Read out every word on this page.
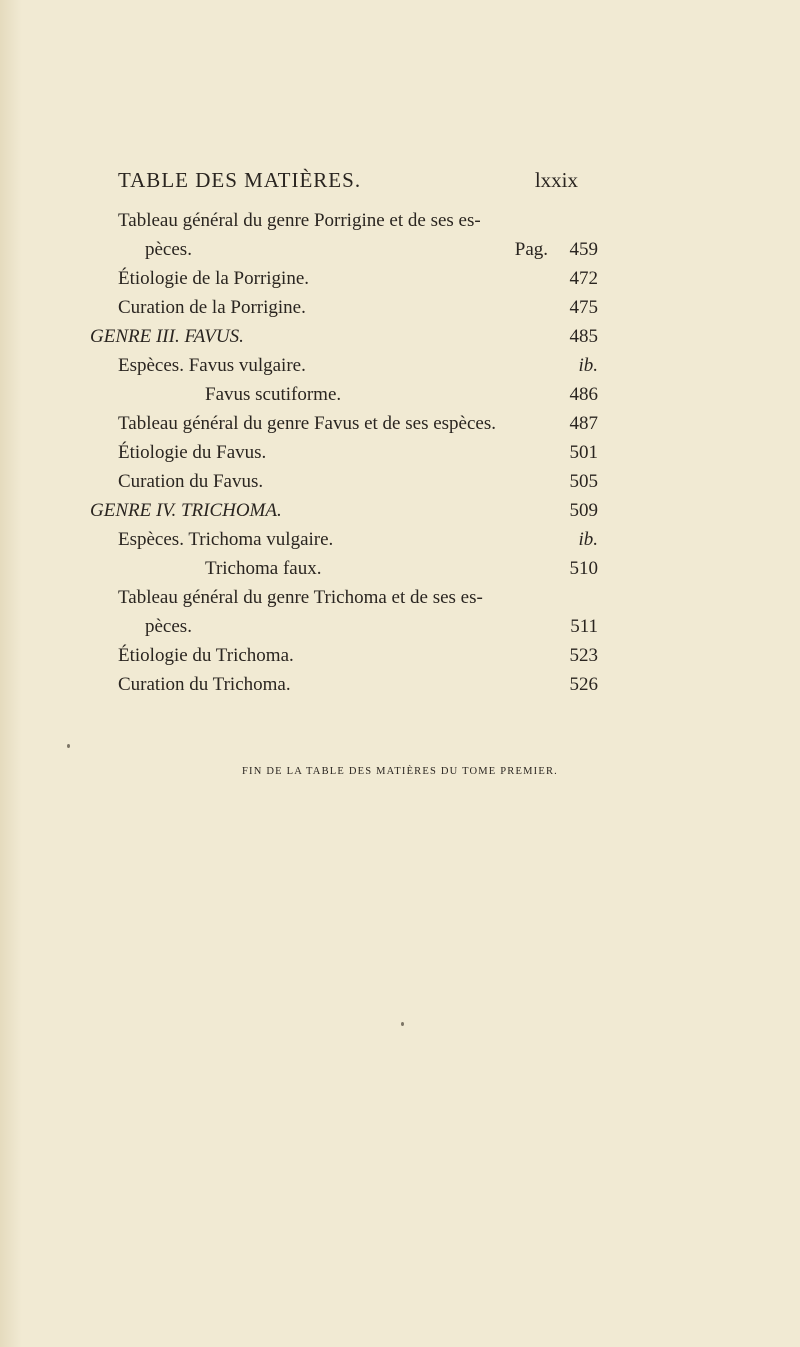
TABLE DES MATIÈRES.	lxxix
Tableau général du genre Porrigine et de ses es-
pèces.	Pag. 459
Étiologie de la Porrigine.	472
Curation de la Porrigine.	475
GENRE III. FAVUS.	485
Espèces. Favus vulgaire.	ib.
Favus scutiforme.	486
Tableau général du genre Favus et de ses espèces.	487
Étiologie du Favus.	501
Curation du Favus.	505
GENRE IV. TRICHOMA.	509
Espèces. Trichoma vulgaire.	ib.
Trichoma faux.	510
Tableau général du genre Trichoma et de ses es-
pèces.	511
Étiologie du Trichoma.	523
Curation du Trichoma.	526
FIN DE LA TABLE DES MATIÈRES DU TOME PREMIER.
